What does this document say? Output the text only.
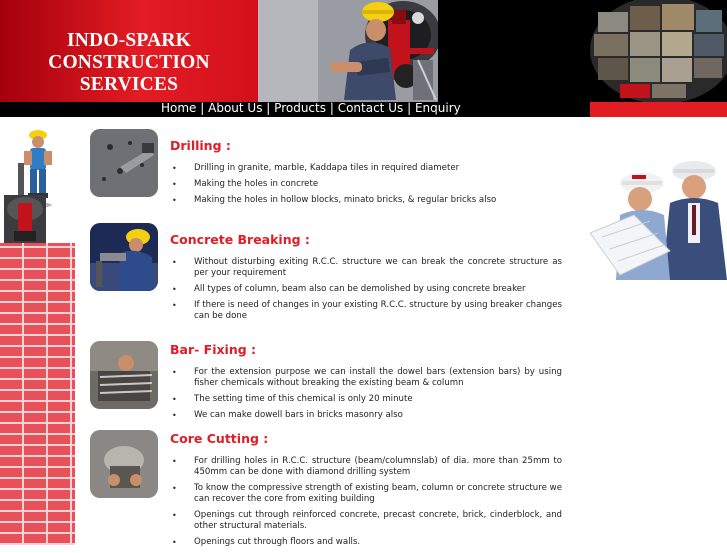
INDO-SPARK
CONSTRUCTION SERVICES
Home | About Us | Products | Contact Us | Enquiry
Drilling :
• Drilling in granite, marble, Kaddapa tiles in required diameter
• Making the holes in concrete
• Making the holes in hollow blocks, minato bricks, & regular bricks also
Concrete Breaking :
• Without disturbing exiting R.C.C. structure we can break the concrete structure as per your requirement
• All types of column, beam also can be demolished by using concrete breaker
• If there is need of changes in your existing R.C.C. structure by using breaker changes can be done
Bar- Fixing :
• For the extension purpose we can install the dowel bars (extension bars) by using fisher chemicals without breaking the existing beam & column
• The setting time of this chemical is only 20 minute
• We can make dowell bars in bricks masonry also
Core Cutting :
• For drilling holes in R.C.C. structure (beam/columnslab) of dia. more than 25mm to 450mm can be done with diamond drilling system
• To know the compressive strength of existing beam, column or concrete structure we can recover the core from exiting building
• Openings cut through reinforced concrete, precast concrete, brick, cinderblock, and other structural materials.
• Openings cut through floors and walls.
